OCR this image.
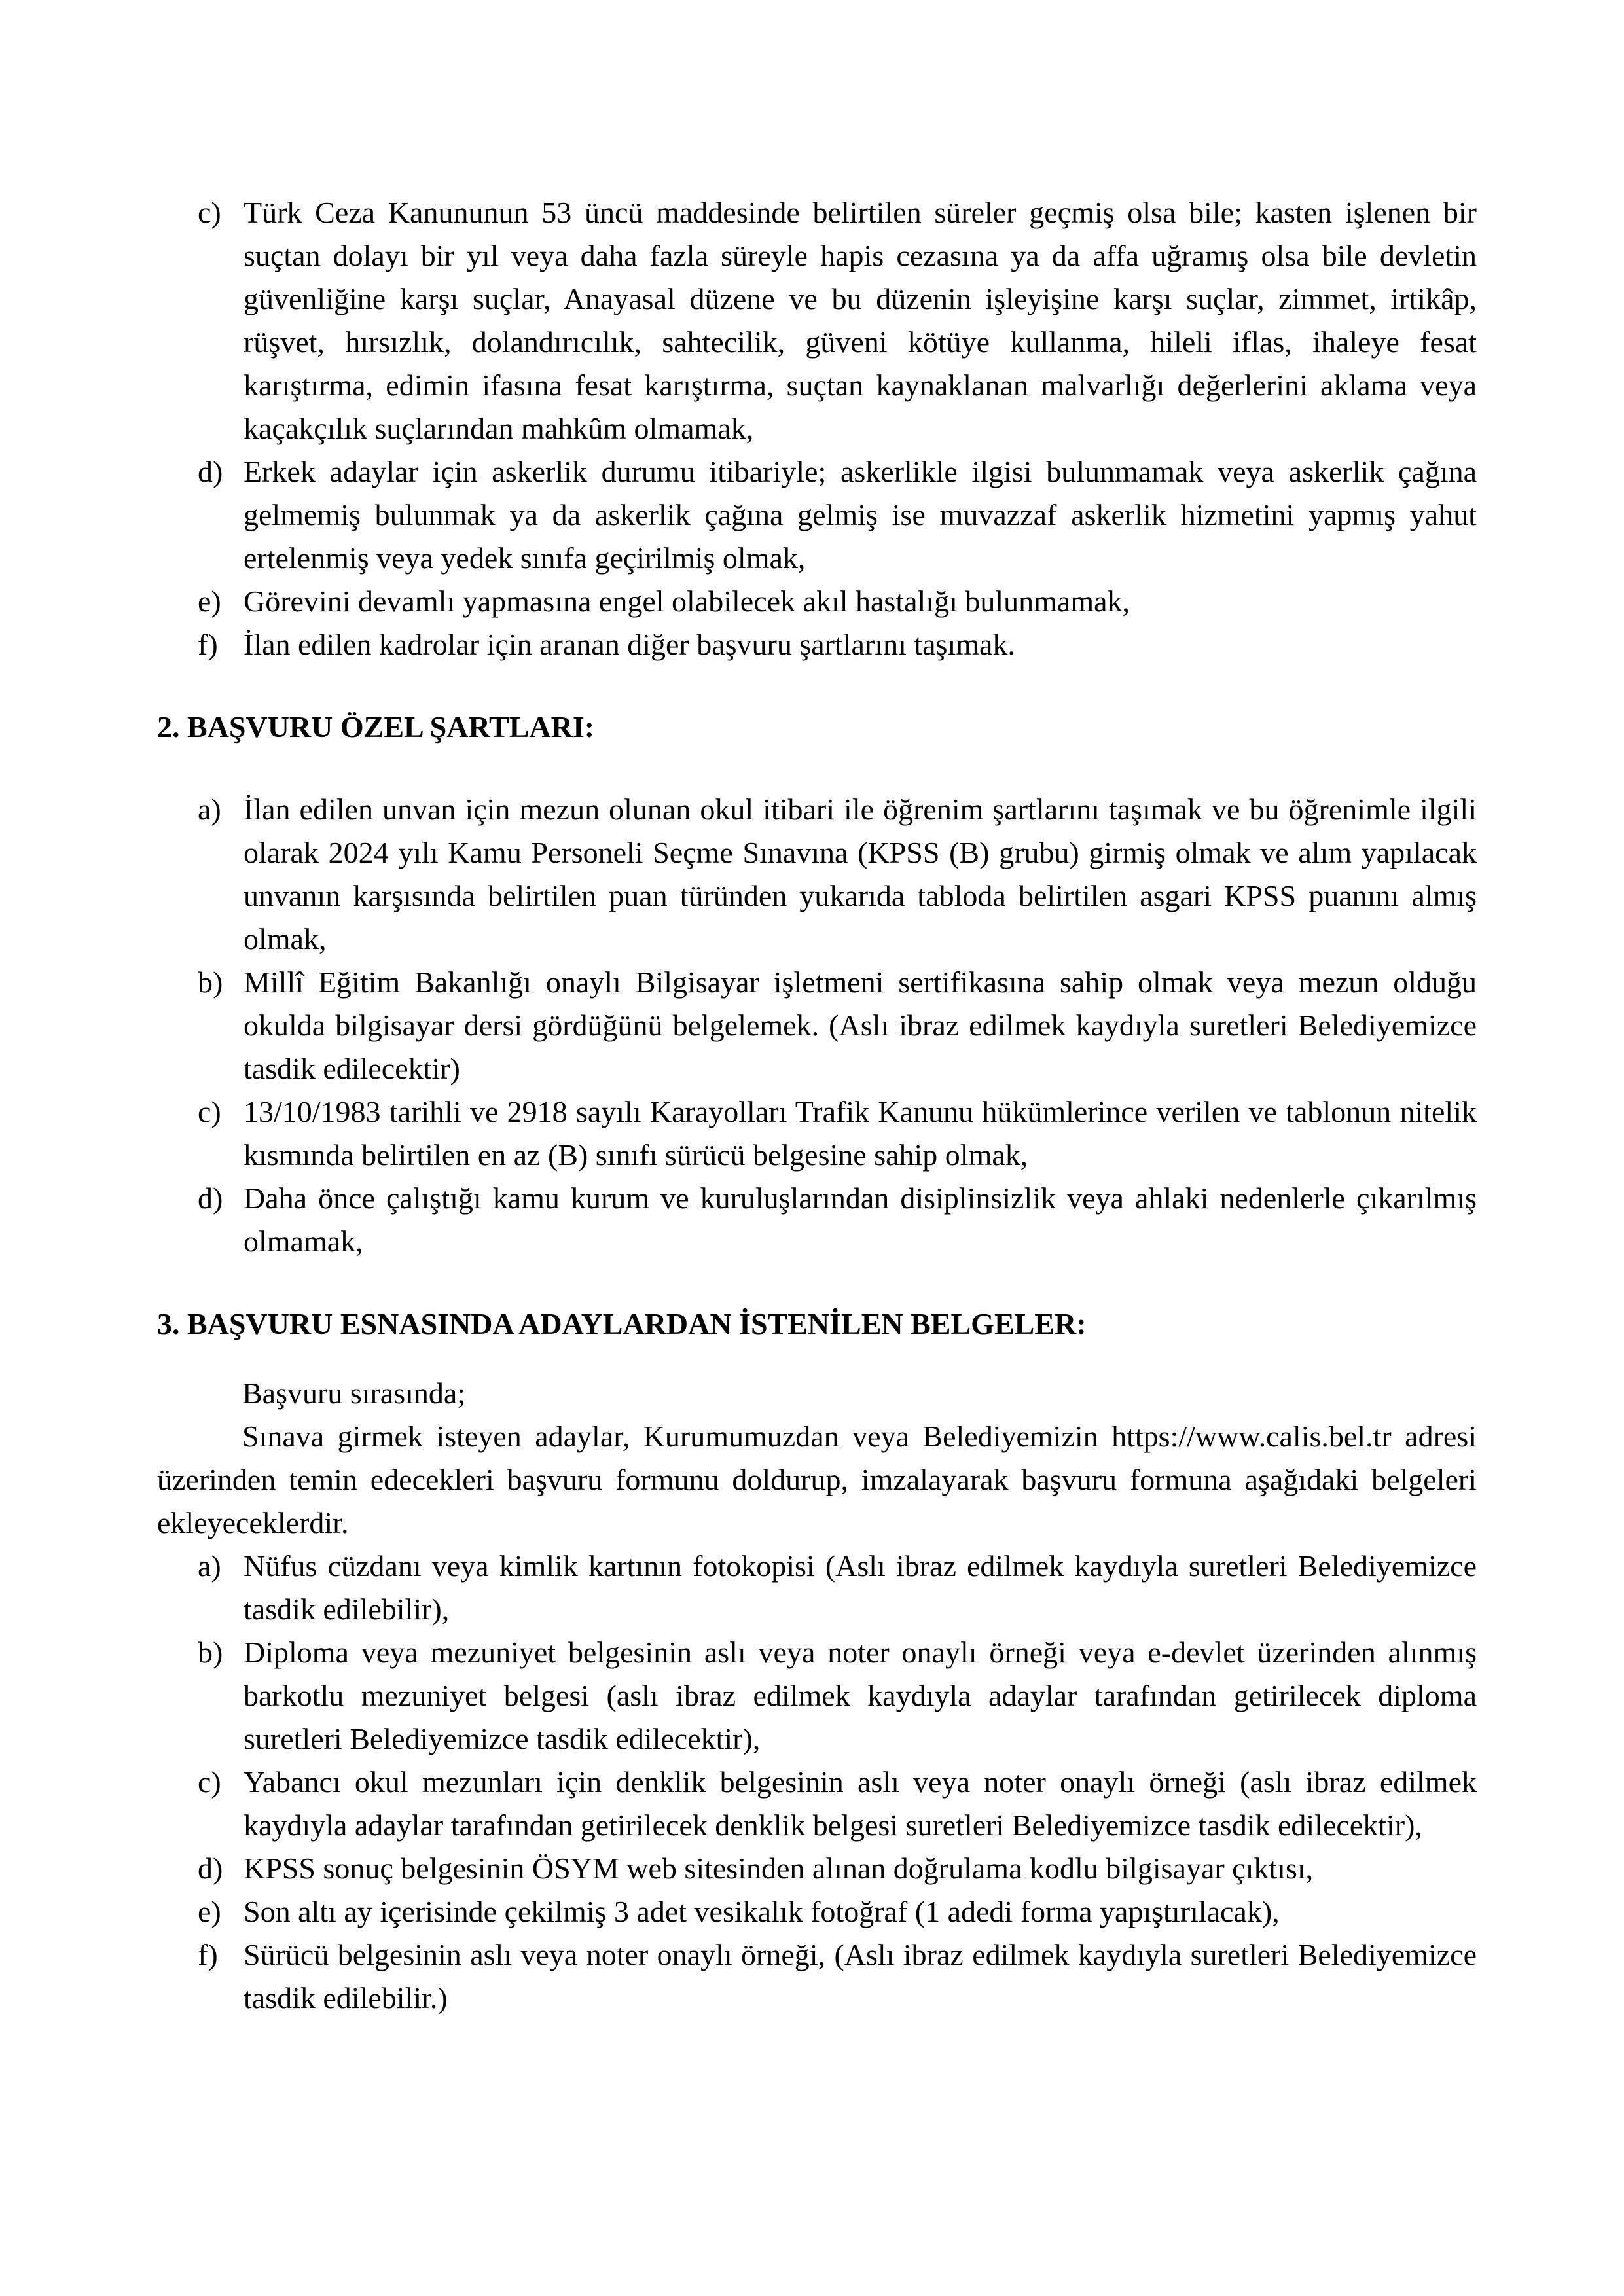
c) Türk Ceza Kanununun 53 üncü maddesinde belirtilen süreler geçmiş olsa bile; kasten işlenen bir suçtan dolayı bir yıl veya daha fazla süreyle hapis cezasına ya da affa uğramış olsa bile devletin güvenliğine karşı suçlar, Anayasal düzene ve bu düzenin işleyişine karşı suçlar, zimmet, irtikâp, rüşvet, hırsızlık, dolandırıcılık, sahtecilik, güveni kötüye kullanma, hileli iflas, ihaleye fesat karıştırma, edimin ifasına fesat karıştırma, suçtan kaynaklanan malvarlığı değerlerini aklama veya kaçakçılık suçlarından mahkûm olmamak,
d) Erkek adaylar için askerlik durumu itibariyle; askerlikle ilgisi bulunmamak veya askerlik çağına gelmemiş bulunmak ya da askerlik çağına gelmiş ise muvazzaf askerlik hizmetini yapmış yahut ertelenmiş veya yedek sınıfa geçirilmiş olmak,
e) Görevini devamlı yapmasına engel olabilecek akıl hastalığı bulunmamak,
f) İlan edilen kadrolar için aranan diğer başvuru şartlarını taşımak.
2. BAŞVURU ÖZEL ŞARTLARI:
a) İlan edilen unvan için mezun olunan okul itibari ile öğrenim şartlarını taşımak ve bu öğrenimle ilgili olarak 2024 yılı Kamu Personeli Seçme Sınavına (KPSS (B) grubu) girmiş olmak ve alım yapılacak unvanın karşısında belirtilen puan türünden yukarıda tabloda belirtilen asgari KPSS puanını almış olmak,
b) Millî Eğitim Bakanlığı onaylı Bilgisayar işletmeni sertifikasına sahip olmak veya mezun olduğu okulda bilgisayar dersi gördüğünü belgelemek. (Aslı ibraz edilmek kaydıyla suretleri Belediyemizce tasdik edilecektir)
c) 13/10/1983 tarihli ve 2918 sayılı Karayolları Trafik Kanunu hükümlerince verilen ve tablonun nitelik kısmında belirtilen en az (B) sınıfı sürücü belgesine sahip olmak,
d) Daha önce çalıştığı kamu kurum ve kuruluşlarından disiplinsizlik veya ahlaki nedenlerle çıkarılmış olmamak,
3. BAŞVURU ESNASINDA ADAYLARDAN İSTENİLEN BELGELER:
Başvuru sırasında;
Sınava girmek isteyen adaylar, Kurumumuzdan veya Belediyemizin https://www.calis.bel.tr adresi üzerinden temin edecekleri başvuru formunu doldurup, imzalayarak başvuru formuna aşağıdaki belgeleri ekleyeceklerdir.
a) Nüfus cüzdanı veya kimlik kartının fotokopisi (Aslı ibraz edilmek kaydıyla suretleri Belediyemizce tasdik edilebilir),
b) Diploma veya mezuniyet belgesinin aslı veya noter onaylı örneği veya e-devlet üzerinden alınmış barkotlu mezuniyet belgesi (aslı ibraz edilmek kaydıyla adaylar tarafından getirilecek diploma suretleri Belediyemizce tasdik edilecektir),
c) Yabancı okul mezunları için denklik belgesinin aslı veya noter onaylı örneği (aslı ibraz edilmek kaydıyla adaylar tarafından getirilecek denklik belgesi suretleri Belediyemizce tasdik edilecektir),
d) KPSS sonuç belgesinin ÖSYM web sitesinden alınan doğrulama kodlu bilgisayar çıktısı,
e) Son altı ay içerisinde çekilmiş 3 adet vesikalık fotoğraf (1 adedi forma yapıştırılacak),
f) Sürücü belgesinin aslı veya noter onaylı örneği, (Aslı ibraz edilmek kaydıyla suretleri Belediyemizce tasdik edilebilir.)
